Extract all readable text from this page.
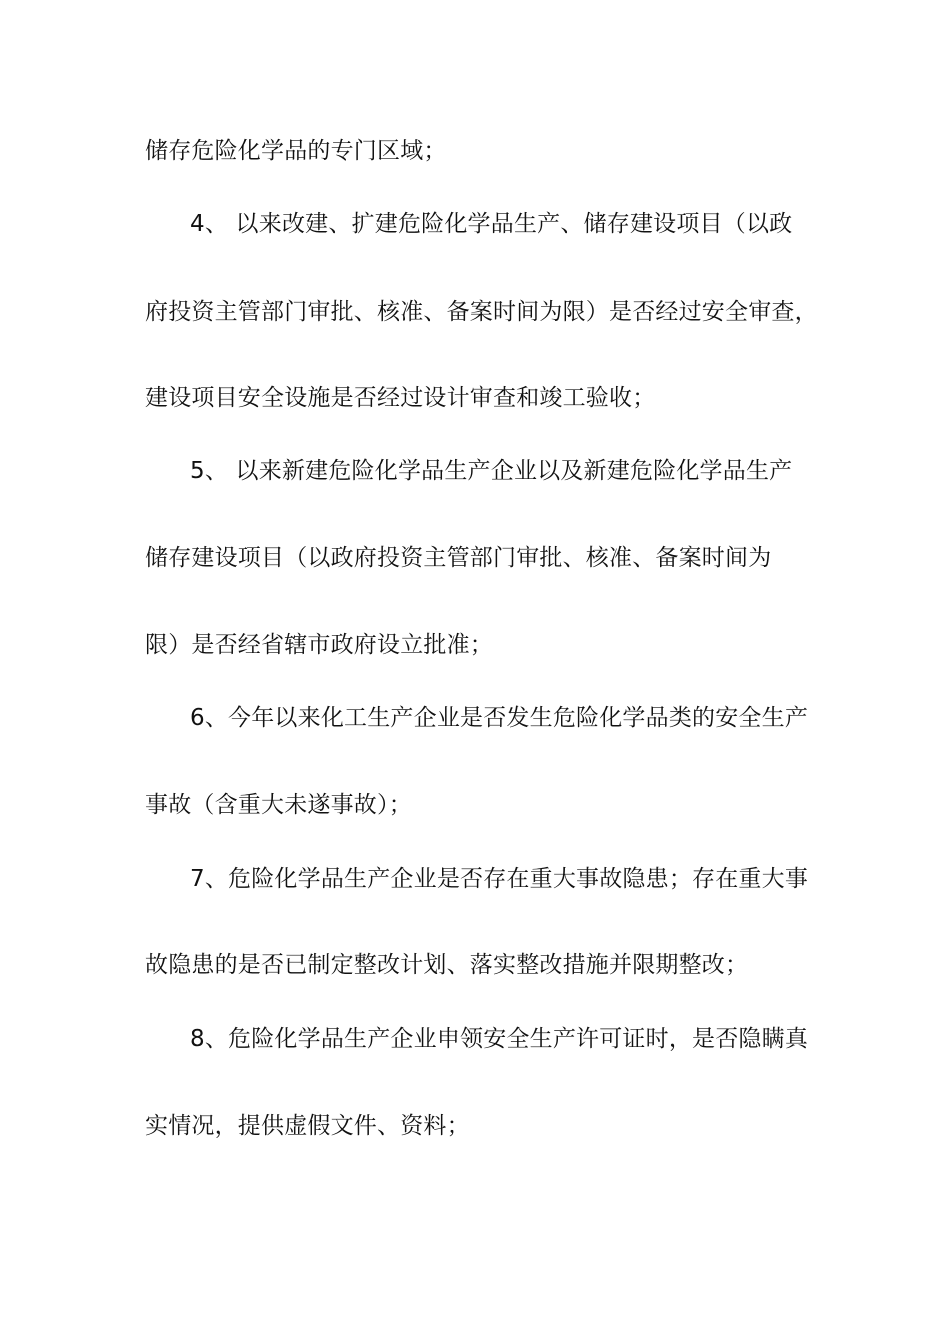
储存危险化学品的专门区域；
4、 以来改建、扩建危险化学品生产、储存建设项目（以政
府投资主管部门审批、核准、备案时间为限）是否经过安全审查，
建设项目安全设施是否经过设计审查和竣工验收；
5、 以来新建危险化学品生产企业以及新建危险化学品生产
储存建设项目（以政府投资主管部门审批、核准、备案时间为
限）是否经省辖市政府设立批准；
6、今年以来化工生产企业是否发生危险化学品类的安全生产
事故（含重大未遂事故）；
7、危险化学品生产企业是否存在重大事故隐患；存在重大事
故隐患的是否已制定整改计划、落实整改措施并限期整改；
8、危险化学品生产企业申领安全生产许可证时，是否隐瞒真
实情况，提供虚假文件、资料；
